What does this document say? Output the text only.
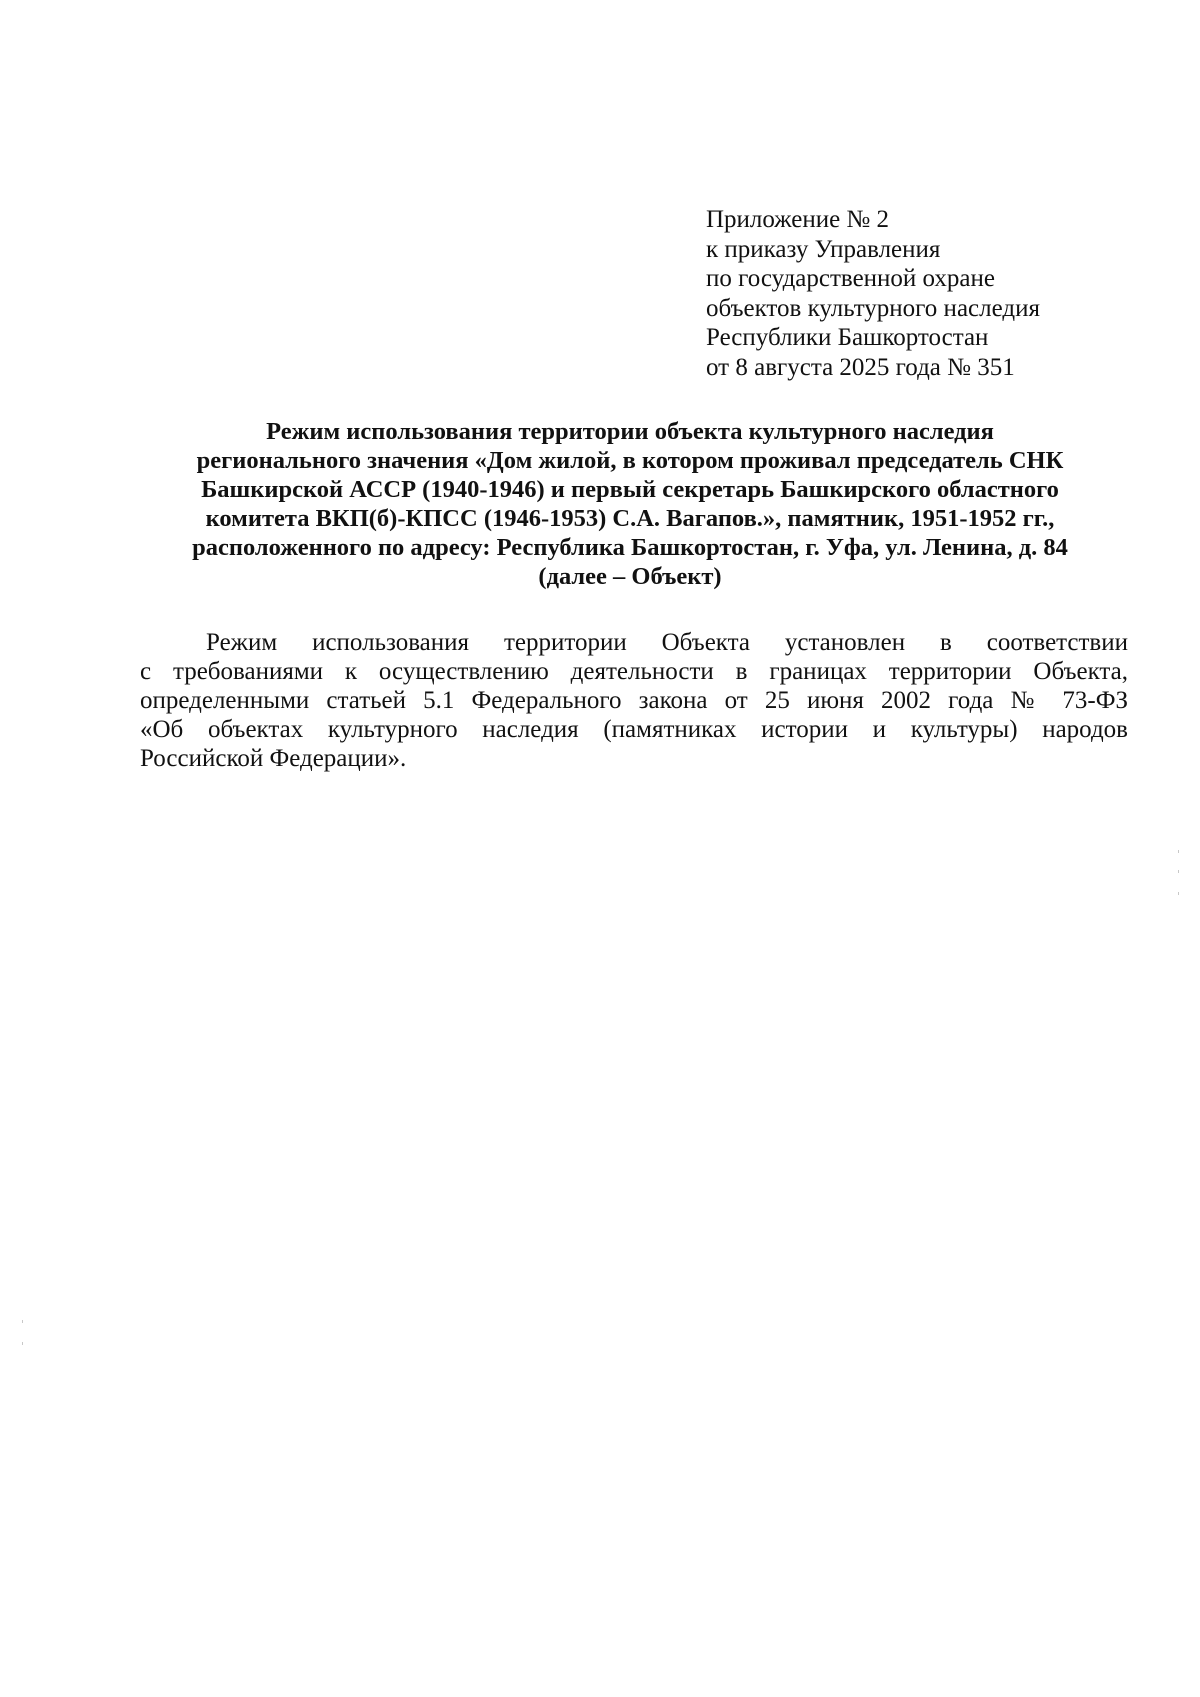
Приложение № 2
к приказу Управления
по государственной охране
объектов культурного наследия
Республики Башкортостан
от 8 августа 2025 года № 351
Режим использования территории объекта культурного наследия
регионального значения «Дом жилой, в котором проживал председатель СНК
Башкирской АССР (1940-1946) и первый секретарь Башкирского областного
комитета ВКП(б)-КПСС (1946-1953) С.А. Вагапов.», памятник, 1951-1952 гг.,
расположенного по адресу: Республика Башкортостан, г. Уфа, ул. Ленина, д. 84
(далее – Объект)
Режим использования территории Объекта установлен в соответствии
с требованиями к осуществлению деятельности в границах территории Объекта,
определенными статьей 5.1 Федерального закона от 25 июня 2002 года № 73-ФЗ
«Об объектах культурного наследия (памятниках истории и культуры) народов
Российской Федерации».
